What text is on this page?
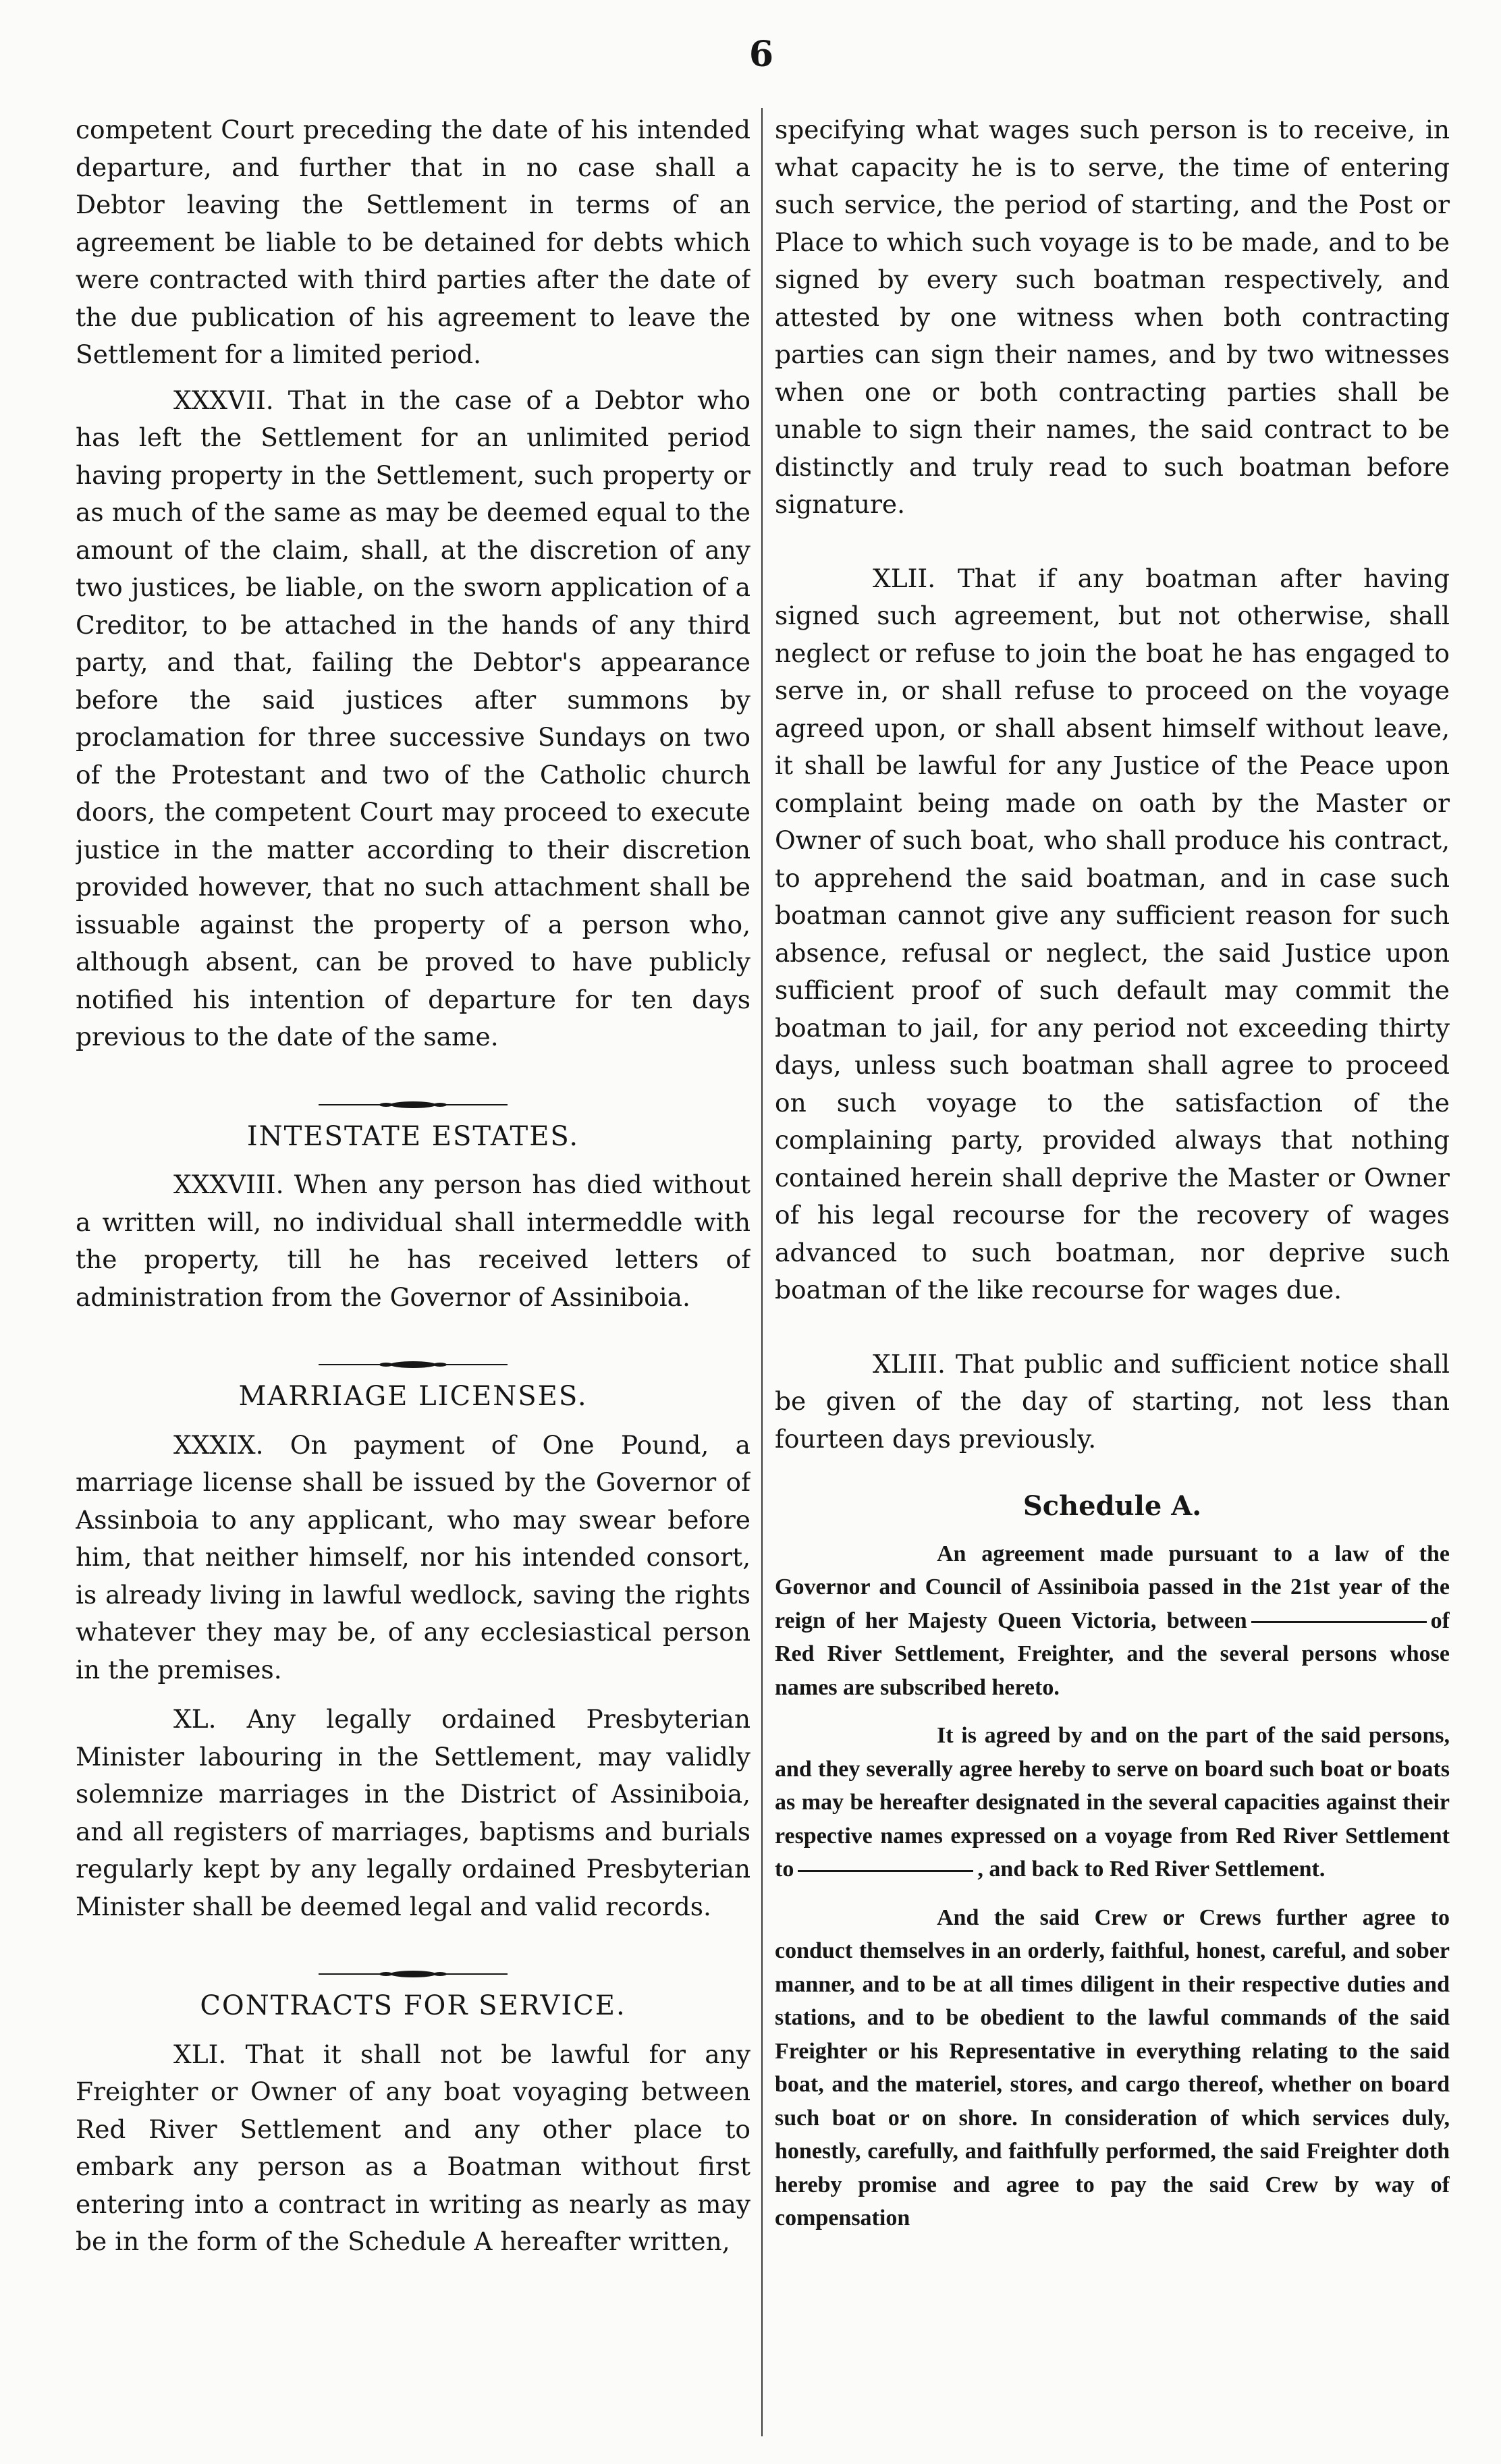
6

competent Court preceding the date of his intended departure, and further that in no case shall a Debtor leaving the Settlement in terms of an agreement be liable to be detained for debts which were contracted with third parties after the date of the due publication of his agreement to leave the Settlement for a limited period.

XXXVII. That in the case of a Debtor who has left the Settlement for an unlimited period having property in the Settlement, such property or as much of the same as may be deemed equal to the amount of the claim, shall, at the discretion of any two justices, be liable, on the sworn application of a Creditor, to be attached in the hands of any third party, and that, failing the Debtor's appearance before the said justices after summons by proclamation for three successive Sundays on two of the Protestant and two of the Catholic church doors, the competent Court may proceed to execute justice in the matter according to their discretion provided however, that no such attachment shall be issuable against the property of a person who, although absent, can be proved to have publicly notified his intention of departure for ten days previous to the date of the same.

INTESTATE ESTATES.

XXXVIII. When any person has died without a written will, no individual shall intermeddle with the property, till he has received letters of administration from the Governor of Assiniboia.

MARRIAGE LICENSES.

XXXIX. On payment of One Pound, a marriage license shall be issued by the Governor of Assinboia to any applicant, who may swear before him, that neither himself, nor his intended consort, is already living in lawful wedlock, saving the rights whatever they may be, of any ecclesiastical person in the premises.

XL. Any legally ordained Presbyterian Minister labouring in the Settlement, may validly solemnize marriages in the District of Assiniboia, and all registers of marriages, baptisms and burials regularly kept by any legally ordained Presbyterian Minister shall be deemed legal and valid records.

CONTRACTS FOR SERVICE.

XLI. That it shall not be lawful for any Freighter or Owner of any boat voyaging between Red River Settlement and any other place to embark any person as a Boatman without first entering into a contract in writing as nearly as may be in the form of the Schedule A hereafter written,

specifying what wages such person is to receive, in what capacity he is to serve, the time of entering such service, the period of starting, and the Post or Place to which such voyage is to be made, and to be signed by every such boatman respectively, and attested by one witness when both contracting parties can sign their names, and by two witnesses when one or both contracting parties shall be unable to sign their names, the said contract to be distinctly and truly read to such boatman before signature.

XLII. That if any boatman after having signed such agreement, but not otherwise, shall neglect or refuse to join the boat he has engaged to serve in, or shall refuse to proceed on the voyage agreed upon, or shall absent himself without leave, it shall be lawful for any Justice of the Peace upon complaint being made on oath by the Master or Owner of such boat, who shall produce his contract, to apprehend the said boatman, and in case such boatman cannot give any sufficient reason for such absence, refusal or neglect, the said Justice upon sufficient proof of such default may commit the boatman to jail, for any period not exceeding thirty days, unless such boatman shall agree to proceed on such voyage to the satisfaction of the complaining party, provided always that nothing contained herein shall deprive the Master or Owner of his legal recourse for the recovery of wages advanced to such boatman, nor deprive such boatman of the like recourse for wages due.

XLIII. That public and sufficient notice shall be given of the day of starting, not less than fourteen days previously.

Schedule A.

An agreement made pursuant to a law of the Governor and Council of Assiniboia passed in the 21st year of the reign of her Majesty Queen Victoria, between	of Red River Settlement, Freighter, and the several persons whose names are subscribed hereto.

It is agreed by and on the part of the said persons, and they severally agree hereby to serve on board such boat or boats as may be hereafter designated in the several capacities against their respective names expressed on a voyage from Red River Settlement to	, and back to Red River Settlement.

And the said Crew or Crews further agree to conduct themselves in an orderly, faithful, honest, careful, and sober manner, and to be at all times diligent in their respective duties and stations, and to be obedient to the lawful commands of the said Freighter or his Representative in everything relating to the said boat, and the materiel, stores, and cargo thereof, whether on board such boat or on shore. In consideration of which services duly, honestly, carefully, and faithfully performed, the said Freighter doth hereby promise and agree to pay the said Crew by way of compensation
